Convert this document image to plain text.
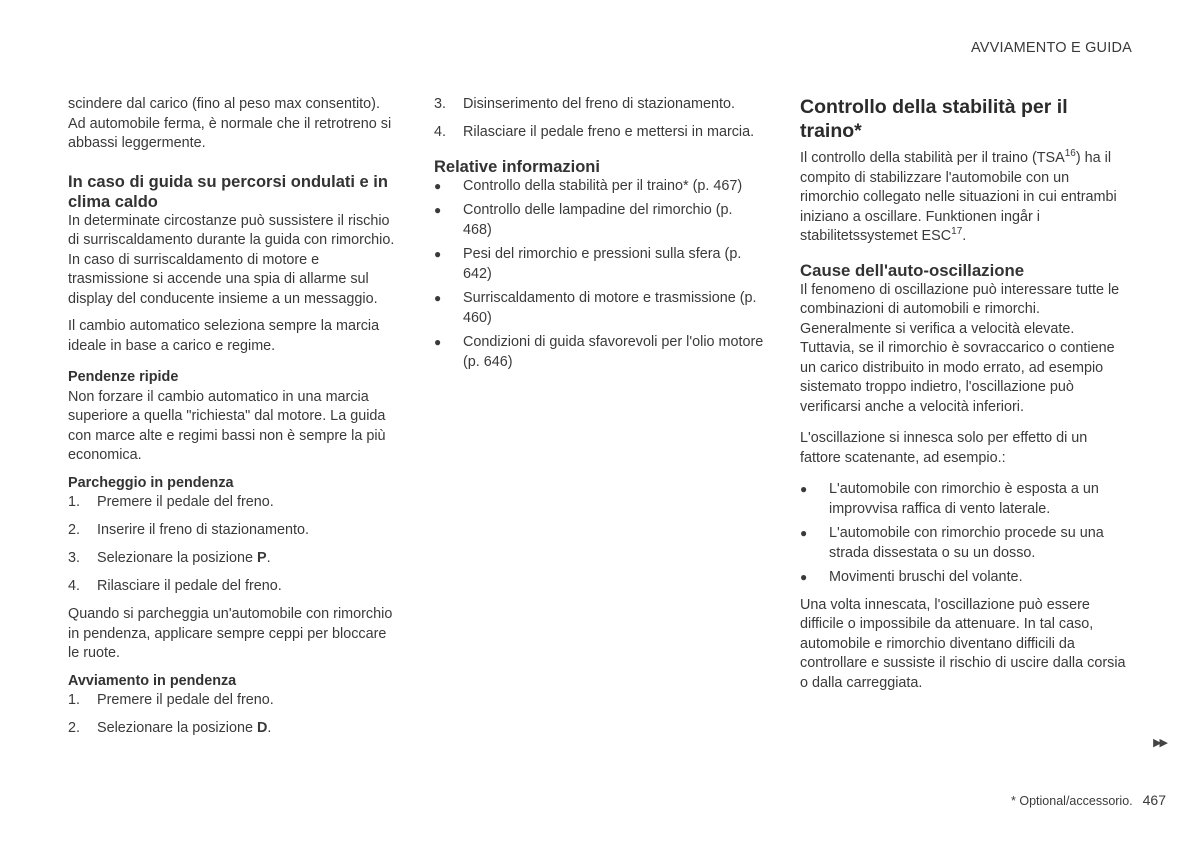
AVVIAMENTO E GUIDA

scindere dal carico (fino al peso max consentito). Ad automobile ferma, è normale che il retrotreno si abbassi leggermente.

In caso di guida su percorsi ondulati e in clima caldo

In determinate circostanze può sussistere il rischio di surriscaldamento durante la guida con rimorchio. In caso di surriscaldamento di motore e trasmissione si accende una spia di allarme sul display del conducente insieme a un messaggio.

Il cambio automatico seleziona sempre la marcia ideale in base a carico e regime.

Pendenze ripide

Non forzare il cambio automatico in una marcia superiore a quella "richiesta" dal motore. La guida con marce alte e regimi bassi non è sempre la più economica.

Parcheggio in pendenza
1.	Premere il pedale del freno.
2.	Inserire il freno di stazionamento.
3.	Selezionare la posizione P.
4.	Rilasciare il pedale del freno.

Quando si parcheggia un'automobile con rimorchio in pendenza, applicare sempre ceppi per bloccare le ruote.

Avviamento in pendenza
1.	Premere il pedale del freno.
2.	Selezionare la posizione D.
3.	Disinserimento del freno di stazionamento.
4.	Rilasciare il pedale freno e mettersi in marcia.
Relative informazioni
●	Controllo della stabilità per il traino* (p. 467)
●	Controllo delle lampadine del rimorchio (p. 468)
●	Pesi del rimorchio e pressioni sulla sfera (p. 642)
●	Surriscaldamento di motore e trasmissione (p. 460)
●	Condizioni di guida sfavorevoli per l'olio motore (p. 646)
Controllo della stabilità per il traino*

Il controllo della stabilità per il traino (TSA$^{16}$) ha il compito di stabilizzare l'automobile con un rimorchio collegato nelle situazioni in cui entrambi iniziano a oscillare. Funktionen ingår i stabilitetssystemet ESC$^{17}$.

Cause dell'auto-oscillazione

Il fenomeno di oscillazione può interessare tutte le combinazioni di automobili e rimorchi. Generalmente si verifica a velocità elevate. Tuttavia, se il rimorchio è sovraccarico o contiene un carico distribuito in modo errato, ad esempio sistemato troppo indietro, l'oscillazione può verificarsi anche a velocità inferiori.

L'oscillazione si innesca solo per effetto di un fattore scatenante, ad esempio.:

●	L'automobile con rimorchio è esposta a un improvvisa raffica di vento laterale.
●	L'automobile con rimorchio procede su una strada dissestata o su un dosso.
●	Movimenti bruschi del volante.

Una volta innescata, l'oscillazione può essere difficile o impossibile da attenuare. In tal caso, automobile e rimorchio diventano difficili da controllare e sussiste il rischio di uscire dalla corsia o dalla carreggiata.

▶▶
* Optional/accessorio. 467
